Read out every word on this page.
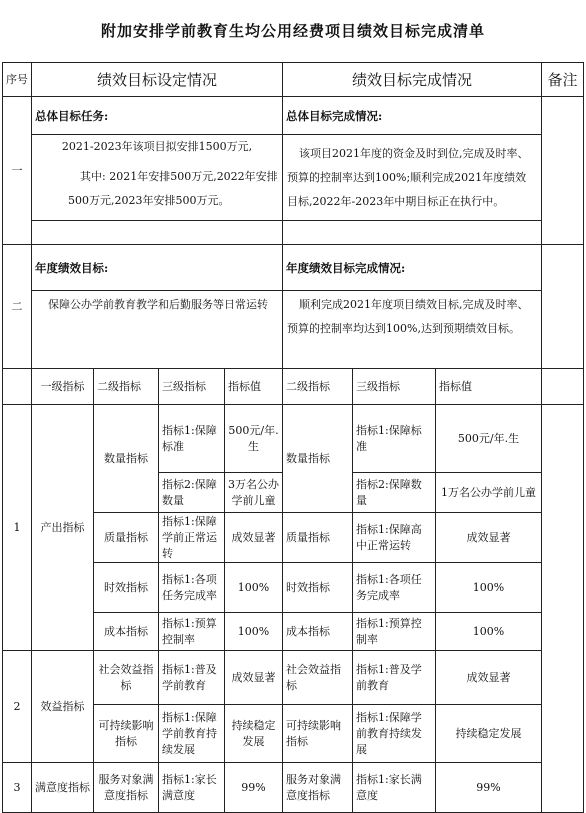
附加安排学前教育生均公用经费项目绩效目标完成清单
序号	绩效目标设定情况				绩效目标完成情况			备注
一	总体目标任务:				总体目标完成情况:			
	2021-2023年该项目拟安排1500万元,				该项目2021年度的资金及时到位,完成及时率、预算的控制率达到100%;顺利完成2021年度绩效目标,2022年-2023年中期目标正在执行中。			
	其中: 2021年安排500万元,2022年安排500万元,2023年安排500万元。							

二	年度绩效目标:				年度绩效目标完成情况:			
	保障公办学前教育教学和后勤服务等日常运转				顺利完成2021年度项目绩效目标,完成及时率、预算的控制率均达到100%,达到预期绩效目标。			
	一级指标	二级指标	三级指标	指标值	二级指标	三级指标	指标值	
1	产出指标	数量指标	指标1:保障标准	500元/年.生	数量指标	指标1:保障标准	500元/年.生	
			指标2:保障数量	3万名公办学前儿童		指标2:保障数量	1万名公办学前儿童	
		质量指标	指标1:保障学前正常运转	成效显著	质量指标	指标1:保障高中正常运转	成效显著	
		时效指标	指标1:各项任务完成率	100%	时效指标	指标1:各项任务完成率	100%	
		成本指标	指标1:预算控制率	100%	成本指标	指标1:预算控制率	100%	
2	效益指标	社会效益指标	指标1:普及学前教育	成效显著	社会效益指标	指标1:普及学前教育	成效显著	
		可持续影响指标	指标1:保障学前教育持续发展	持续稳定发展	可持续影响指标	指标1:保障学前教育持续发展	持续稳定发展	
3	满意度指标	服务对象满意度指标	指标1:家长满意度	99%	服务对象满意度指标	指标1:家长满意度	99%	
